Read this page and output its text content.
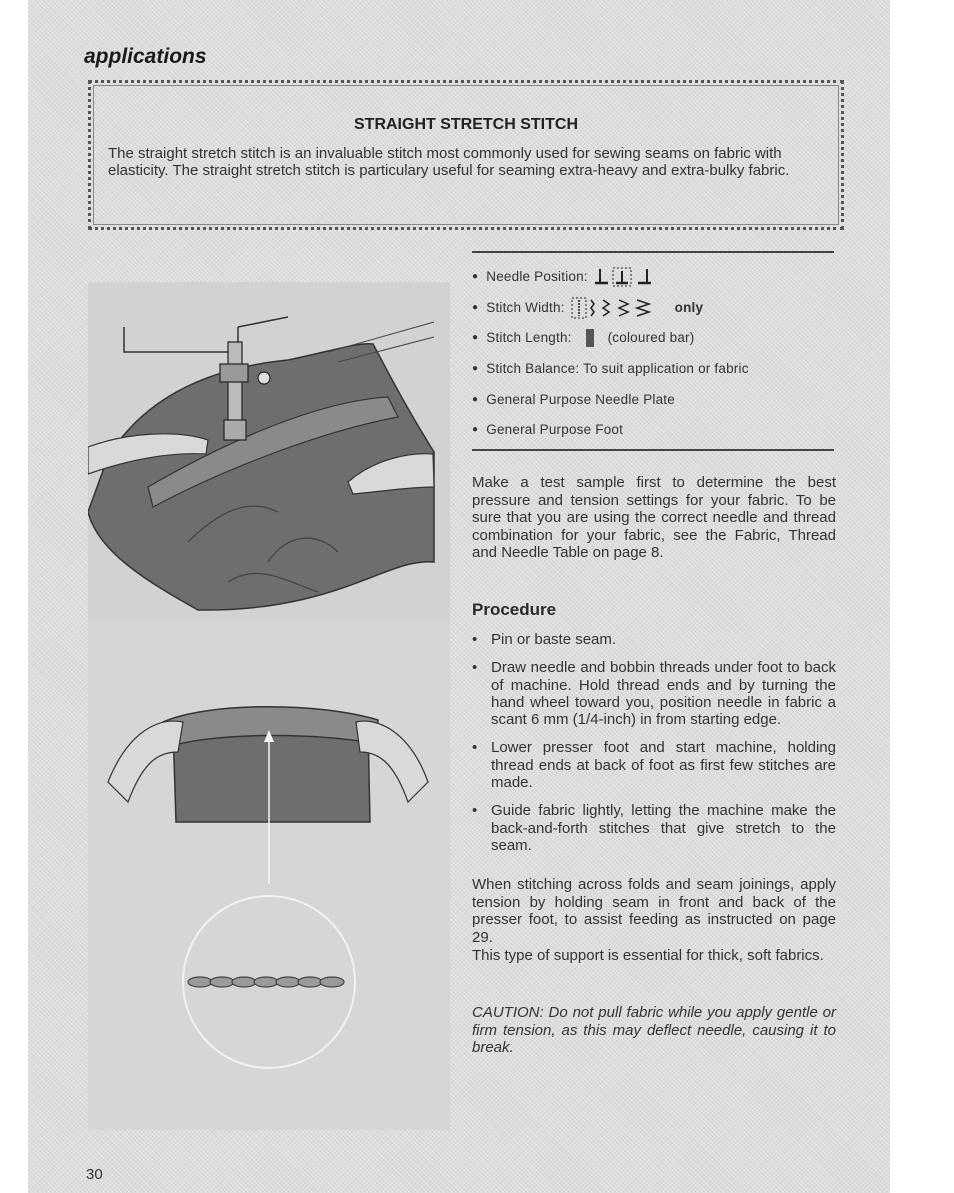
applications
STRAIGHT STRETCH STITCH

The straight stretch stitch is an invaluable stitch most commonly used for sewing seams on fabric with elasticity. The straight stretch stitch is particulary useful for seaming extra-heavy and extra-bulky fabric.

● Needle Position:
● Stitch Width:	only
● Stitch Length:	(coloured bar)
● Stitch Balance: To suit application or fabric
● General Purpose Needle Plate
● General Purpose Foot

Make a test sample first to determine the best pressure and tension settings for your fabric. To be sure that you are using the correct needle and thread combination for your fabric, see the Fabric, Thread and Needle Table on page 8.

Procedure
• Pin or baste seam.
• Draw needle and bobbin threads under foot to back of machine. Hold thread ends and by turning the hand wheel toward you, position needle in fabric a scant 6 mm (1/4-inch) in from starting edge.
• Lower presser foot and start machine, holding thread ends at back of foot as first few stitches are made.
• Guide fabric lightly, letting the machine make the back-and-forth stitches that give stretch to the seam.

When stitching across folds and seam joinings, apply tension by holding seam in front and back of the presser foot, to assist feeding as instructed on page 29.

This type of support is essential for thick, soft fabrics.

CAUTION: Do not pull fabric while you apply gentle or firm tension, as this may deflect needle, causing it to break.

30
